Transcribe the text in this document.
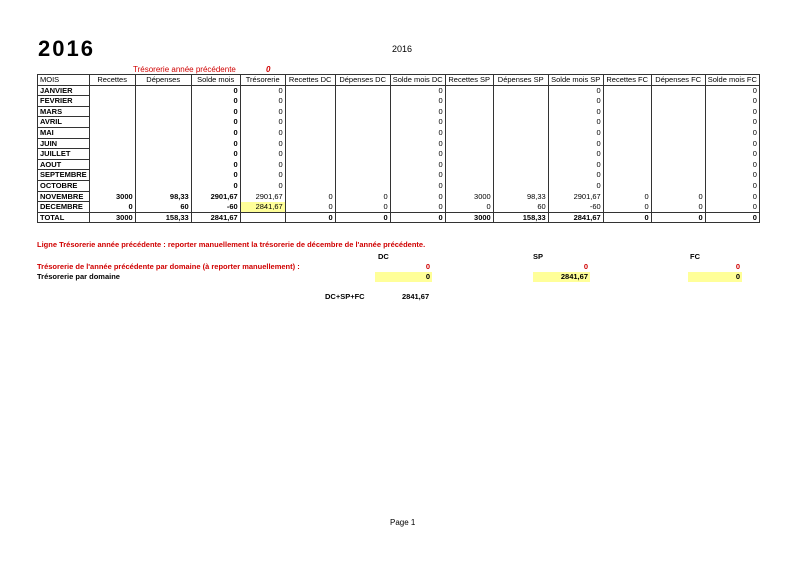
2016	2016
Trésorerie année précédente	0
MOIS	Recettes	Dépenses	Solde mois	Trésorerie	Recettes DC	Dépenses DC	Solde mois DC	Recettes SP	Dépenses SP	Solde mois SP	Recettes FC	Dépenses FC	Solde mois FC
JANVIER			0	0			0			0			0
FEVRIER			0	0			0			0			0
MARS			0	0			0			0			0
AVRIL			0	0			0			0			0
MAI			0	0			0			0			0
JUIN			0	0			0			0			0
JUILLET			0	0			0			0			0
AOUT			0	0			0			0			0
SEPTEMBRE			0	0			0			0			0
OCTOBRE			0	0			0			0			0
NOVEMBRE	3000	98,33	2901,67	2901,67	0	0	0	3000	98,33	2901,67	0	0	0
DECEMBRE	0	60	-60	2841,67	0	0	0	0	60	-60	0	0	0
TOTAL	3000	158,33	2841,67		0	0	0	3000	158,33	2841,67	0	0	0
Ligne Trésorerie année précédente : reporter manuellement la trésorerie de décembre de l'année précédente.
DC	SP	FC
Trésorerie de l'année précédente par domaine (à reporter manuellement) :	0	0	0
Trésorerie par domaine	0	2841,67	0
DC+SP+FC	2841,67
Page 1
